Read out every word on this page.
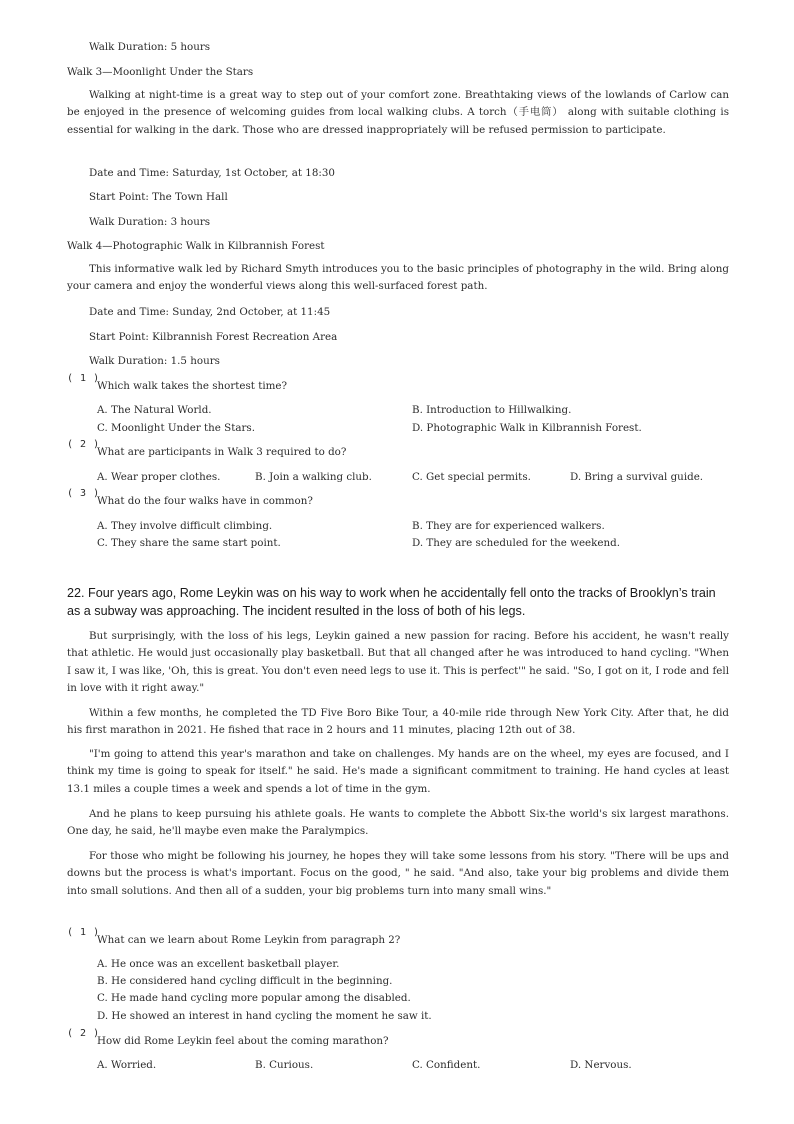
Walk Duration: 5 hours
Walk 3—Moonlight Under the Stars
Walking at night-time is a great way to step out of your comfort zone. Breathtaking views of the lowlands of Carlow can be enjoyed in the presence of welcoming guides from local walking clubs. A torch（手电筒） along with suitable clothing is essential for walking in the dark. Those who are dressed inappropriately will be refused permission to participate.
Date and Time: Saturday, 1st October, at 18:30
Start Point: The Town Hall
Walk Duration: 3 hours
Walk 4—Photographic Walk in Kilbrannish Forest
This informative walk led by Richard Smyth introduces you to the basic principles of photography in the wild. Bring along your camera and enjoy the wonderful views along this well-surfaced forest path.
Date and Time: Sunday, 2nd October, at 11:45
Start Point: Kilbrannish Forest Recreation Area
Walk Duration: 1.5 hours
( 1 )
Which walk takes the shortest time?
A. The Natural World.	B. Introduction to Hillwalking.
C. Moonlight Under the Stars.	D. Photographic Walk in Kilbrannish Forest.
( 2 )
What are participants in Walk 3 required to do?
A. Wear proper clothes.	B. Join a walking club.	C. Get special permits.	D. Bring a survival guide.
( 3 )
What do the four walks have in common?
A. They involve difficult climbing.	B. They are for experienced walkers.
C. They share the same start point.	D. They are scheduled for the weekend.
22. Four years ago, Rome Leykin was on his way to work when he accidentally fell onto the tracks of Brooklyn’s train as a subway was approaching. The incident resulted in the loss of both of his legs.
But surprisingly, with the loss of his legs, Leykin gained a new passion for racing. Before his accident, he wasn't really that athletic. He would just occasionally play basketball. But that all changed after he was introduced to hand cycling. "When I saw it, I was like, 'Oh, this is great. You don't even need legs to use it. This is perfect'" he said. "So, I got on it, I rode and fell in love with it right away."
Within a few months, he completed the TD Five Boro Bike Tour, a 40-mile ride through New York City. After that, he did his first marathon in 2021. He fished that race in 2 hours and 11 minutes, placing 12th out of 38.
"I'm going to attend this year's marathon and take on challenges. My hands are on the wheel, my eyes are focused, and I think my time is going to speak for itself." he said. He's made a significant commitment to training. He hand cycles at least 13.1 miles a couple times a week and spends a lot of time in the gym.
And he plans to keep pursuing his athlete goals. He wants to complete the Abbott Six-the world's six largest marathons. One day, he said, he'll maybe even make the Paralympics.
For those who might be following his journey, he hopes they will take some lessons from his story. "There will be ups and downs but the process is what's important. Focus on the good, " he said. "And also, take your big problems and divide them into small solutions. And then all of a sudden, your big problems turn into many small wins."
( 1 )
What can we learn about Rome Leykin from paragraph 2?
A. He once was an excellent basketball player.
B. He considered hand cycling difficult in the beginning.
C. He made hand cycling more popular among the disabled.
D. He showed an interest in hand cycling the moment he saw it.
( 2 )
How did Rome Leykin feel about the coming marathon?
A. Worried.	B. Curious.	C. Confident.	D. Nervous.
